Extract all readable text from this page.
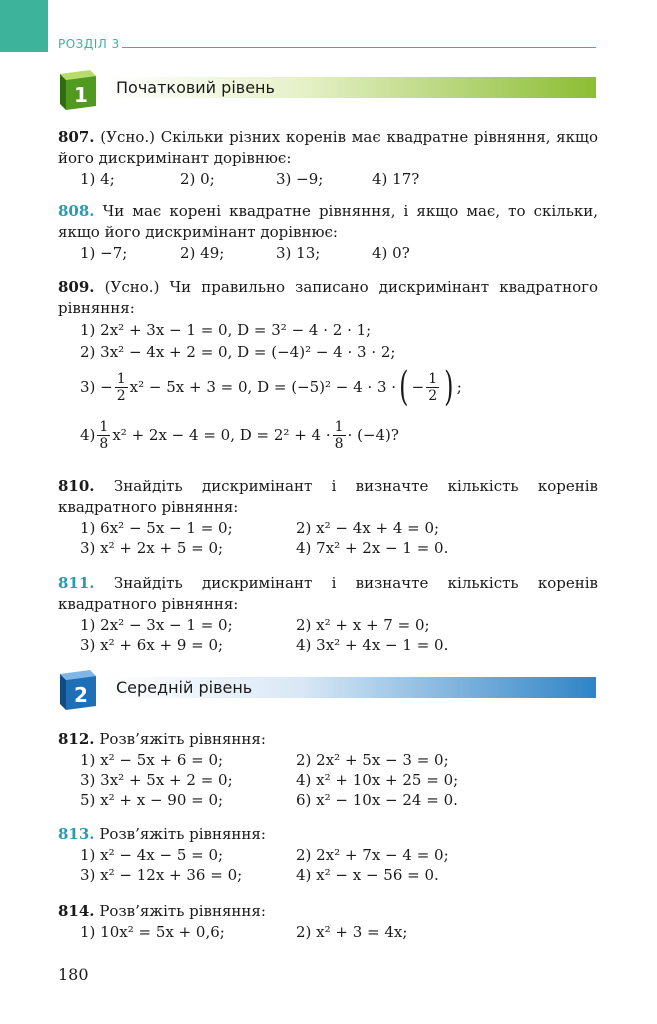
РОЗДІЛ 3
1 Початковий рівень

807. (Усно.) Скільки різних коренів має квадратне рівняння, якщо його дискримінант дорівнює:

1) 4;	2) 0;	3) −9;	4) 17?

808. Чи має корені квадратне рівняння, і якщо має, то скільки, якщо його дискримінант дорівнює:

1) −7;	2) 49;	3) 13;	4) 0?

809. (Усно.) Чи правильно записано дискримінант квадратного рівняння:

1) 2x² + 3x − 1 = 0, D = 3² − 4 · 2 · 1;
2) 3x² − 4x + 2 = 0, D = (−4)² − 4 · 3 · 2;
$3) - \frac{1}{2} x^2 - 5x + 3 = 0$, D = (−5)² − 4 · 3 · ( − $\frac{1}{2}$ ) ;
$4) \frac{1}{8} x^2 + 2x - 4 = 0$, $D = 2^2 + 4 \cdot \frac{1}{8} \cdot (-4)$?

810. Знайдіть дискримінант і визначте кількість коренів квадратного рівняння:

1) 6x² − 5x − 1 = 0;	2) x² − 4x + 4 = 0;
3) x² + 2x + 5 = 0;	4) 7x² + 2x − 1 = 0.

811. Знайдіть дискримінант і визначте кількість коренів квадратного рівняння:

1) 2x² − 3x − 1 = 0;	2) x² + x + 7 = 0;
3) x² + 6x + 9 = 0;	4) 3x² + 4x − 1 = 0.
2 Середній рівень

812. Розв’яжіть рівняння:

1) x² − 5x + 6 = 0;	2) 2x² + 5x − 3 = 0;
3) 3x² + 5x + 2 = 0;	4) x² + 10x + 25 = 0;
5) x² + x − 90 = 0;	6) x² − 10x − 24 = 0.

813. Розв’яжіть рівняння:

1) x² − 4x − 5 = 0;	2) 2x² + 7x − 4 = 0;
3) x² − 12x + 36 = 0;	4) x² − x − 56 = 0.

814. Розв’яжіть рівняння:

1) 10x² = 5x + 0,6;	2) x² + 3 = 4x;
180
